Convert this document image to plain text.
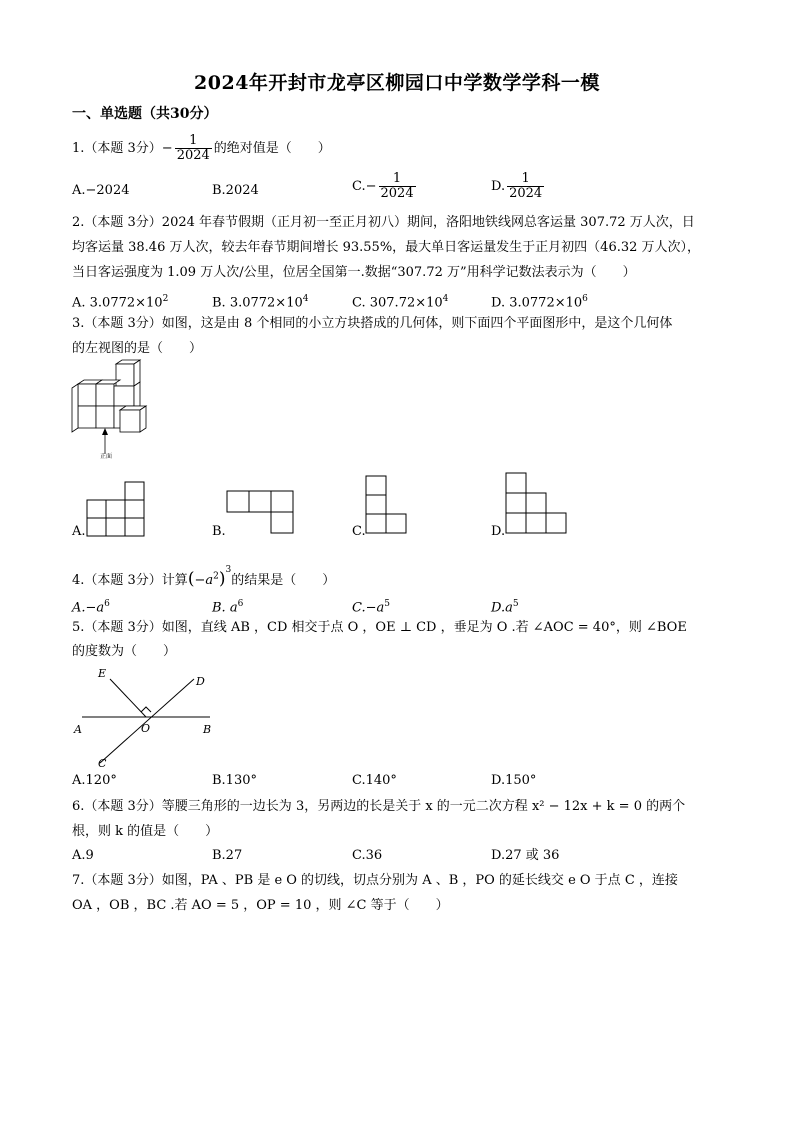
2024年开封市龙亭区柳园口中学数学学科一模
一、单选题（共30分）
1.（本题 3分）− $\frac{1}{2024}$ 的绝对值是（　　）
A.−2024	B.2024	$C.- \frac{1}{2024}$	D. $\frac{1}{2024}$
2.（本题 3分）2024 年春节假期（正月初一至正月初八）期间，洛阳地铁线网总客运量 307.72 万人次，日
均客运量 38.46 万人次，较去年春节期间增长 93.55%，最大单日客运量发生于正月初四（46.32 万人次），
当日客运强度为 1.09 万人次/公里，位居全国第一.数据“307.72 万”用科学记数法表示为（　　）
A. $3.0772\times 10^2$	B. $3.0772\times 10^4$	C. $307.72\times 10^4$	D. $3.0772\times 10^6$
3.（本题 3分）如图，这是由 8 个相同的小立方块搭成的几何体，则下面四个平面图形中，是这个几何体
的左视图的是（　　）
正面
A.	B.	C.	D.
4.（本题 3分）计算$(-a^2)^3$的结果是（　　）
$A.-a^6$	B. $a^6$	$C.-a^5$	$D.a^5$
5.（本题 3分）如图，直线 AB ，CD 相交于点 O ，OE ⊥ CD ，垂足为 O .若 ∠AOC = 40°，则 ∠BOE
的度数为（　　）
E
D
A	O	B
C
A.120°	B.130°	C.140°	D.150°
6.（本题 3分）等腰三角形的一边长为 3，另两边的长是关于 x 的一元二次方程 x² − 12x + k = 0 的两个
根，则 k 的值是（　　）
A.9	B.27	C.36	D.27 或 36
7.（本题 3分）如图，PA 、PB 是 e O 的切线，切点分别为 A 、B ，PO 的延长线交 e O 于点 C ，连接
OA ，OB ，BC .若 AO = 5 ，OP = 10 ，则 ∠C 等于（　　）
